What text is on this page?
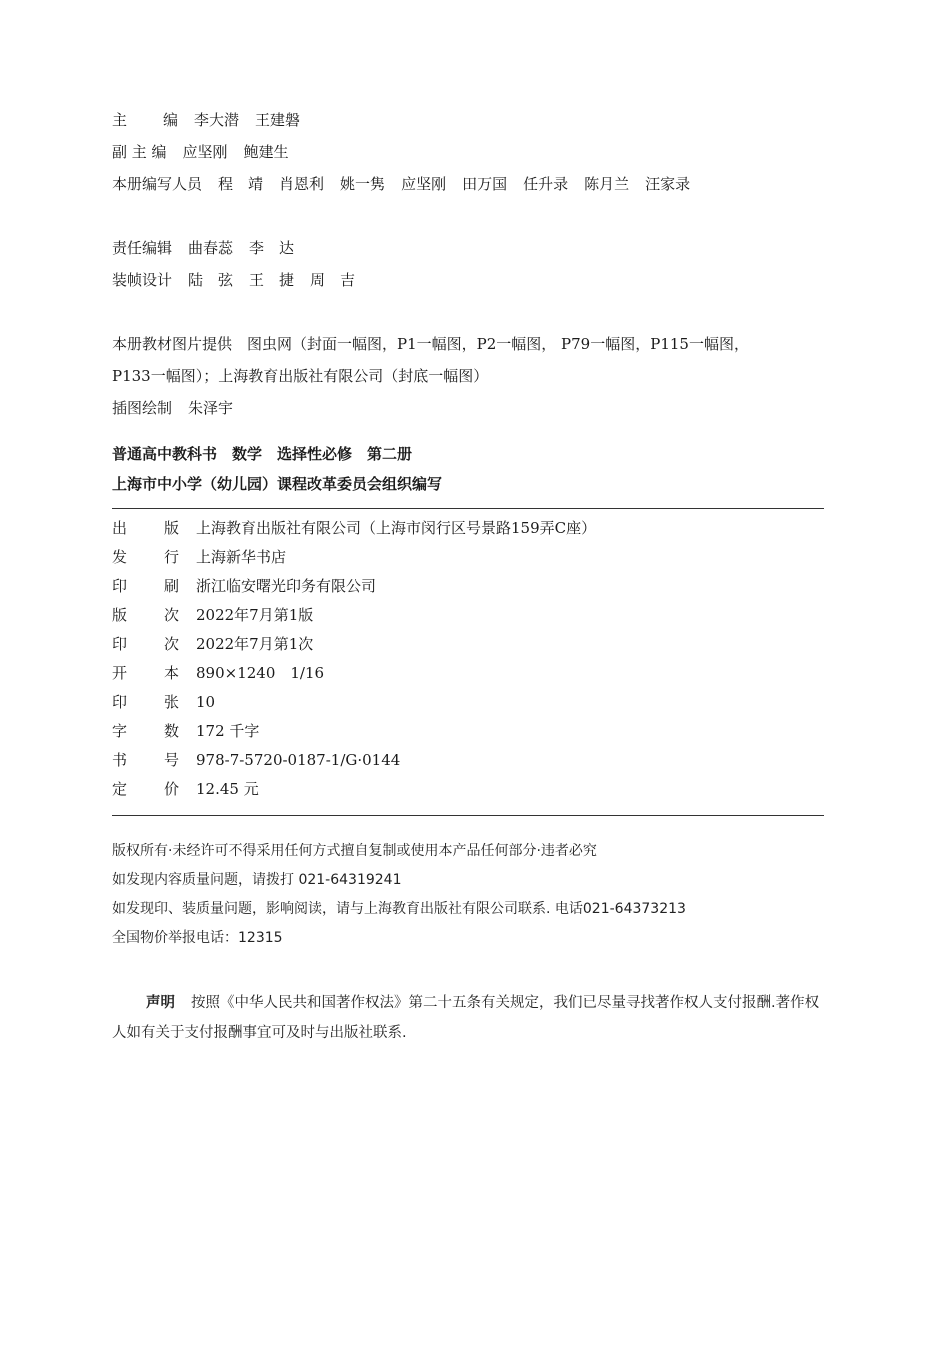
主 编 李大潜 王建磐
副 主 编 应坚刚 鲍建生
本册编写人员 程　靖 肖恩利 姚一隽 应坚刚 田万国 任升录 陈月兰 汪家录
责任编辑 曲春蕊 李　达
装帧设计 陆　弦 王　捷 周　吉
本册教材图片提供　图虫网（封面一幅图，P1一幅图，P2一幅图， P79一幅图，P115一幅图，
P133一幅图）；上海教育出版社有限公司（封底一幅图）
插图绘制 朱泽宇
普通高中教科书　数学　选择性必修　第二册
上海市中小学（幼儿园）课程改革委员会组织编写
出 版 上海教育出版社有限公司（上海市闵行区号景路159弄C座）
发 行 上海新华书店
印 刷 浙江临安曙光印务有限公司
版 次 2022年7月第1版
印 次 2022年7月第1次
开 本 890×1240　1/16
印 张 10
字 数 172 千字
书 号 978-7-5720-0187-1/G·0144
定 价 12.45 元
版权所有·未经许可不得采用任何方式擅自复制或使用本产品任何部分·违者必究
如发现内容质量问题，请拨打 021-64319241
如发现印、装质量问题，影响阅读，请与上海教育出版社有限公司联系. 电话021-64373213
全国物价举报电话：12315
声明 按照《中华人民共和国著作权法》第二十五条有关规定，我们已尽量寻找著作权人支付报酬.著作权人如有关于支付报酬事宜可及时与出版社联系.
